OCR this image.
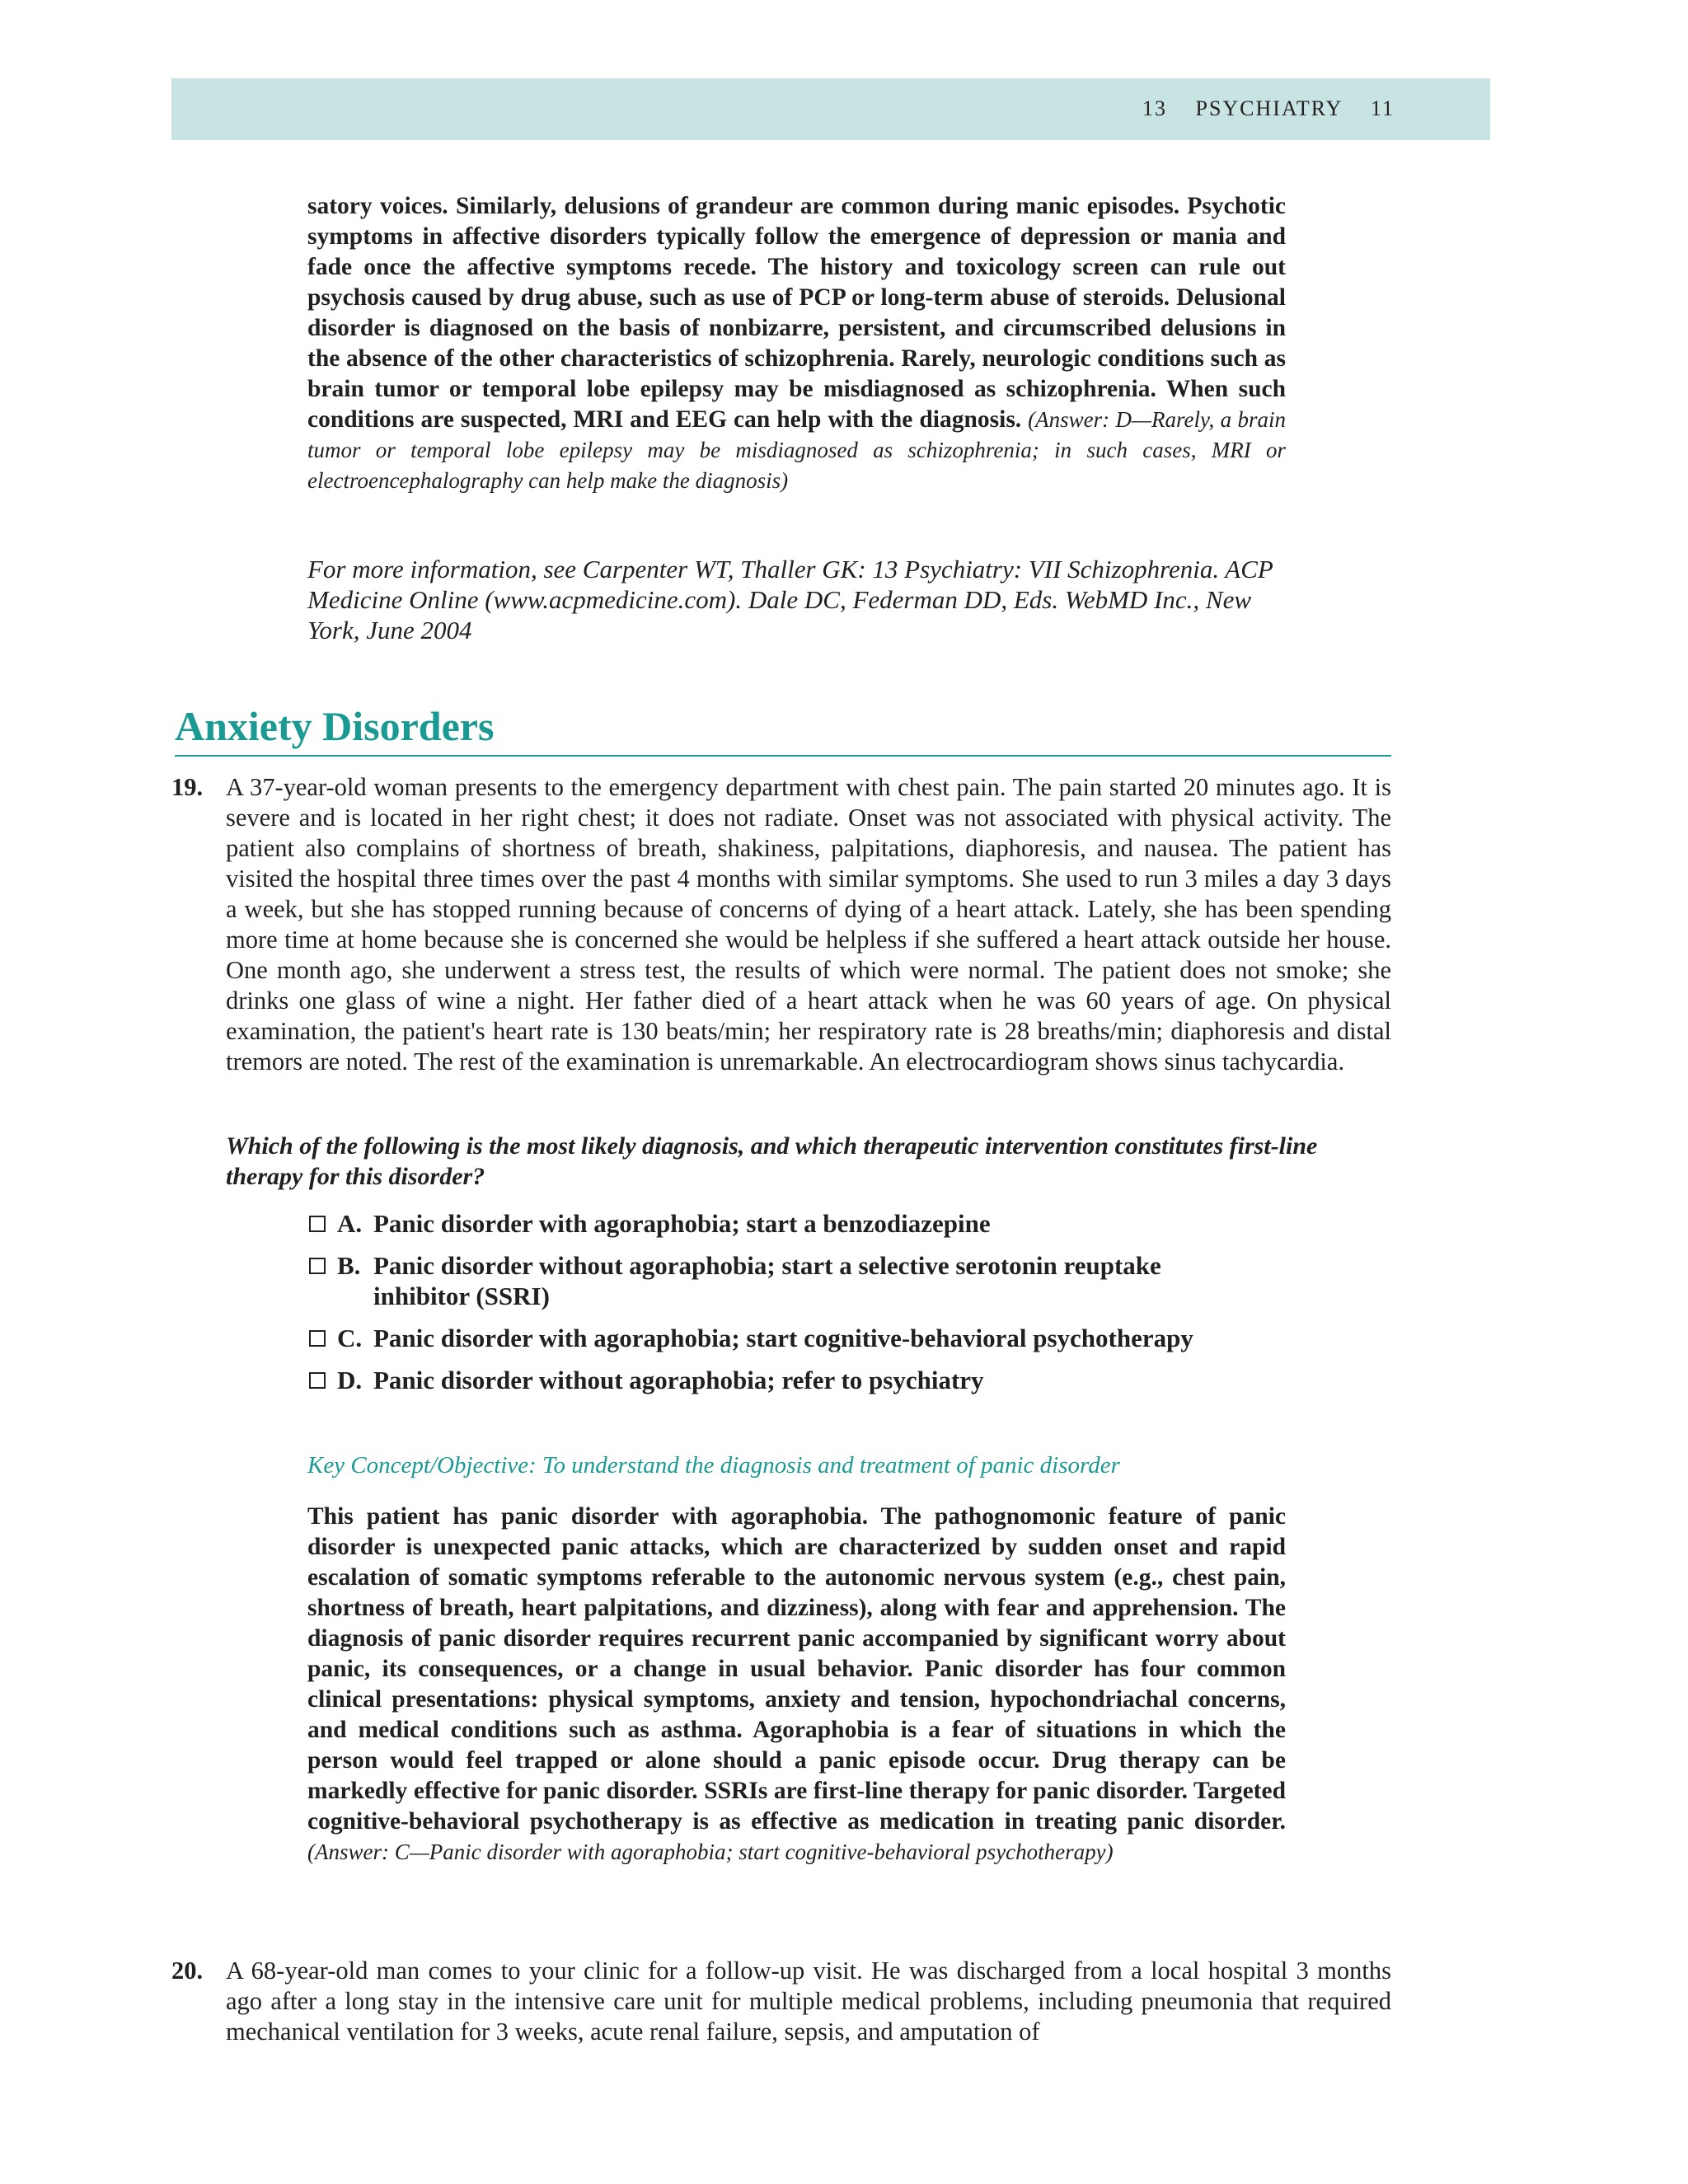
13 PSYCHIATRY 11
satory voices. Similarly, delusions of grandeur are common during manic episodes. Psychotic symptoms in affective disorders typically follow the emergence of depression or mania and fade once the affective symptoms recede. The history and toxicology screen can rule out psychosis caused by drug abuse, such as use of PCP or long-term abuse of steroids. Delusional disorder is diagnosed on the basis of nonbizarre, persistent, and circumscribed delusions in the absence of the other characteristics of schizophrenia. Rarely, neurologic conditions such as brain tumor or temporal lobe epilepsy may be misdiagnosed as schizophrenia. When such conditions are suspected, MRI and EEG can help with the diagnosis. (Answer: D—Rarely, a brain tumor or temporal lobe epilepsy may be misdiagnosed as schizophrenia; in such cases, MRI or electroencephalography can help make the diagnosis)
For more information, see Carpenter WT, Thaller GK: 13 Psychiatry: VII Schizophrenia. ACP Medicine Online (www.acpmedicine.com). Dale DC, Federman DD, Eds. WebMD Inc., New York, June 2004
Anxiety Disorders
19. A 37-year-old woman presents to the emergency department with chest pain. The pain started 20 minutes ago. It is severe and is located in her right chest; it does not radiate. Onset was not associated with physical activity. The patient also complains of shortness of breath, shakiness, palpitations, diaphoresis, and nausea. The patient has visited the hospital three times over the past 4 months with similar symptoms. She used to run 3 miles a day 3 days a week, but she has stopped running because of concerns of dying of a heart attack. Lately, she has been spending more time at home because she is concerned she would be helpless if she suffered a heart attack outside her house. One month ago, she underwent a stress test, the results of which were normal. The patient does not smoke; she drinks one glass of wine a night. Her father died of a heart attack when he was 60 years of age. On physical examination, the patient's heart rate is 130 beats/min; her respiratory rate is 28 breaths/min; diaphoresis and distal tremors are noted. The rest of the examination is unremarkable. An electrocardiogram shows sinus tachycardia.
Which of the following is the most likely diagnosis, and which therapeutic intervention constitutes first-line therapy for this disorder?
A. Panic disorder with agoraphobia; start a benzodiazepine
B. Panic disorder without agoraphobia; start a selective serotonin reuptake inhibitor (SSRI)
C. Panic disorder with agoraphobia; start cognitive-behavioral psychotherapy
D. Panic disorder without agoraphobia; refer to psychiatry
Key Concept/Objective: To understand the diagnosis and treatment of panic disorder
This patient has panic disorder with agoraphobia. The pathognomonic feature of panic disorder is unexpected panic attacks, which are characterized by sudden onset and rapid escalation of somatic symptoms referable to the autonomic nervous system (e.g., chest pain, shortness of breath, heart palpitations, and dizziness), along with fear and apprehension. The diagnosis of panic disorder requires recurrent panic accompanied by significant worry about panic, its consequences, or a change in usual behavior. Panic disorder has four common clinical presentations: physical symptoms, anxiety and tension, hypochondriachal concerns, and medical conditions such as asthma. Agoraphobia is a fear of situations in which the person would feel trapped or alone should a panic episode occur. Drug therapy can be markedly effective for panic disorder. SSRIs are first-line therapy for panic disorder. Targeted cognitive-behavioral psychotherapy is as effective as medication in treating panic disorder. (Answer: C—Panic disorder with agoraphobia; start cognitive-behavioral psychotherapy)
20. A 68-year-old man comes to your clinic for a follow-up visit. He was discharged from a local hospital 3 months ago after a long stay in the intensive care unit for multiple medical problems, including pneumonia that required mechanical ventilation for 3 weeks, acute renal failure, sepsis, and amputation of
